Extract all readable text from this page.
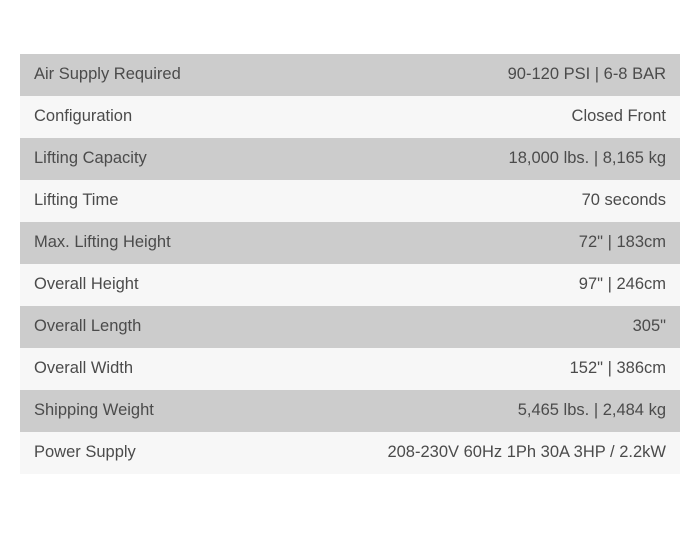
Air Supply Required	90-120 PSI | 6-8 BAR
Configuration	Closed Front
Lifting Capacity	18,000 lbs. | 8,165 kg
Lifting Time	70 seconds
Max. Lifting Height	72" | 183cm
Overall Height	97" | 246cm
Overall Length	305"
Overall Width	152" | 386cm
Shipping Weight	5,465 lbs. | 2,484 kg
Power Supply	208-230V 60Hz 1Ph 30A 3HP / 2.2kW
